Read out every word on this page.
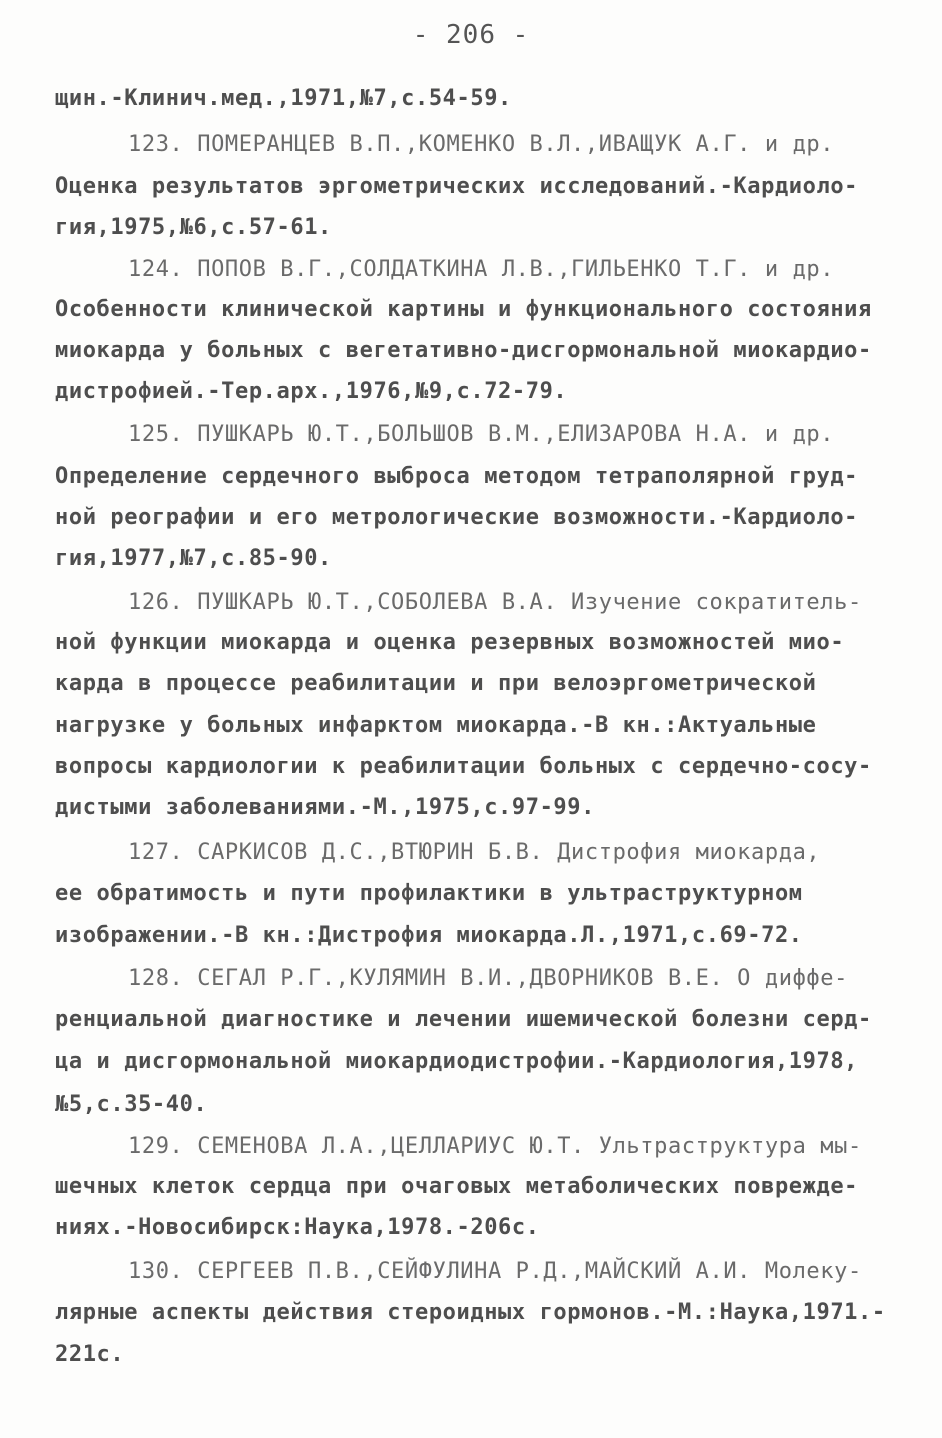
- 206 -
щин.-Клинич.мед.,1971,№7,с.54-59.
123. ПОМЕРАНЦЕВ В.П.,КОМЕНКО В.Л.,ИВАЩУК А.Г. и др.
Оценка результатов эргометрических исследований.-Кардиоло-
гия,1975,№6,с.57-61.
124. ПОПОВ В.Г.,СОЛДАТКИНА Л.В.,ГИЛЬЕНКО Т.Г. и др.
Особенности клинической картины и функционального состояния
миокарда у больных с вегетативно-дисгормональной миокардио-
дистрофией.-Тер.арх.,1976,№9,с.72-79.
125. ПУШКАРЬ Ю.Т.,БОЛЬШОВ В.М.,ЕЛИЗАРОВА Н.А. и др.
Определение сердечного выброса методом тетраполярной груд-
ной реографии и его метрологические возможности.-Кардиоло-
гия,1977,№7,с.85-90.
126. ПУШКАРЬ Ю.Т.,СОБОЛЕВА В.А. Изучение сократитель-
ной функции миокарда и оценка резервных возможностей мио-
карда в процессе реабилитации и при велоэргометрической
нагрузке у больных инфарктом миокарда.-В кн.:Актуальные
вопросы кардиологии к реабилитации больных с сердечно-сосу-
дистыми заболеваниями.-М.,1975,с.97-99.
127. САРКИСОВ Д.С.,ВТЮРИН Б.В. Дистрофия миокарда,
ее обратимость и пути профилактики в ультраструктурном
изображении.-В кн.:Дистрофия миокарда.Л.,1971,с.69-72.
128. СЕГАЛ Р.Г.,КУЛЯМИН В.И.,ДВОРНИКОВ В.Е. О диффе-
ренциальной диагностике и лечении ишемической болезни серд-
ца и дисгормональной миокардиодистрофии.-Кардиология,1978,
№5,с.35-40.
129. СЕМЕНОВА Л.А.,ЦЕЛЛАРИУС Ю.Т. Ультраструктура мы-
шечных клеток сердца при очаговых метаболических поврежде-
ниях.-Новосибирск:Наука,1978.-206с.
130. СЕРГЕЕВ П.В.,СЕЙФУЛИНА Р.Д.,МАЙСКИЙ А.И. Молеку-
лярные аспекты действия стероидных гормонов.-М.:Наука,1971.-
221с.
